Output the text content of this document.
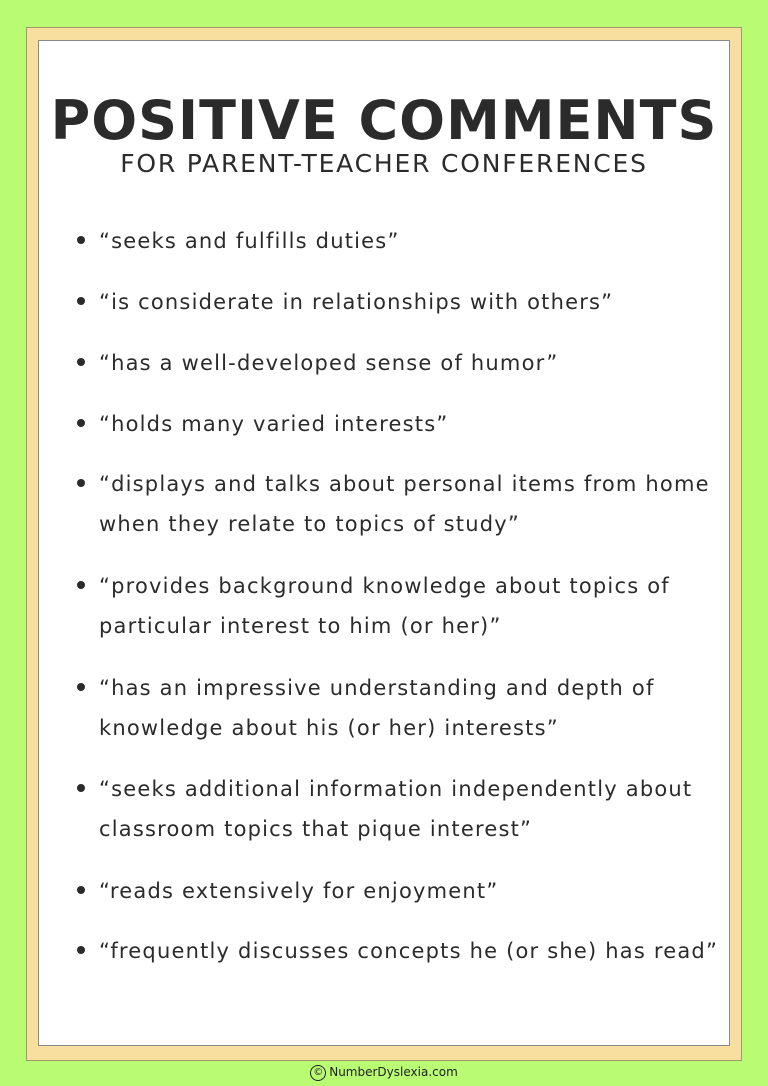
POSITIVE COMMENTS
FOR PARENT-TEACHER CONFERENCES
“seeks and fulfills duties”
“is considerate in relationships with others”
“has a well-developed sense of humor”
“holds many varied interests”
“displays and talks about personal items from home when they relate to topics of study”
“provides background knowledge about topics of particular interest to him (or her)”
“has an impressive understanding and depth of knowledge about his (or her) interests”
“seeks additional information independently about classroom topics that pique interest”
“reads extensively for enjoyment”
“frequently discusses concepts he (or she) has read”
© NumberDyslexia.com
